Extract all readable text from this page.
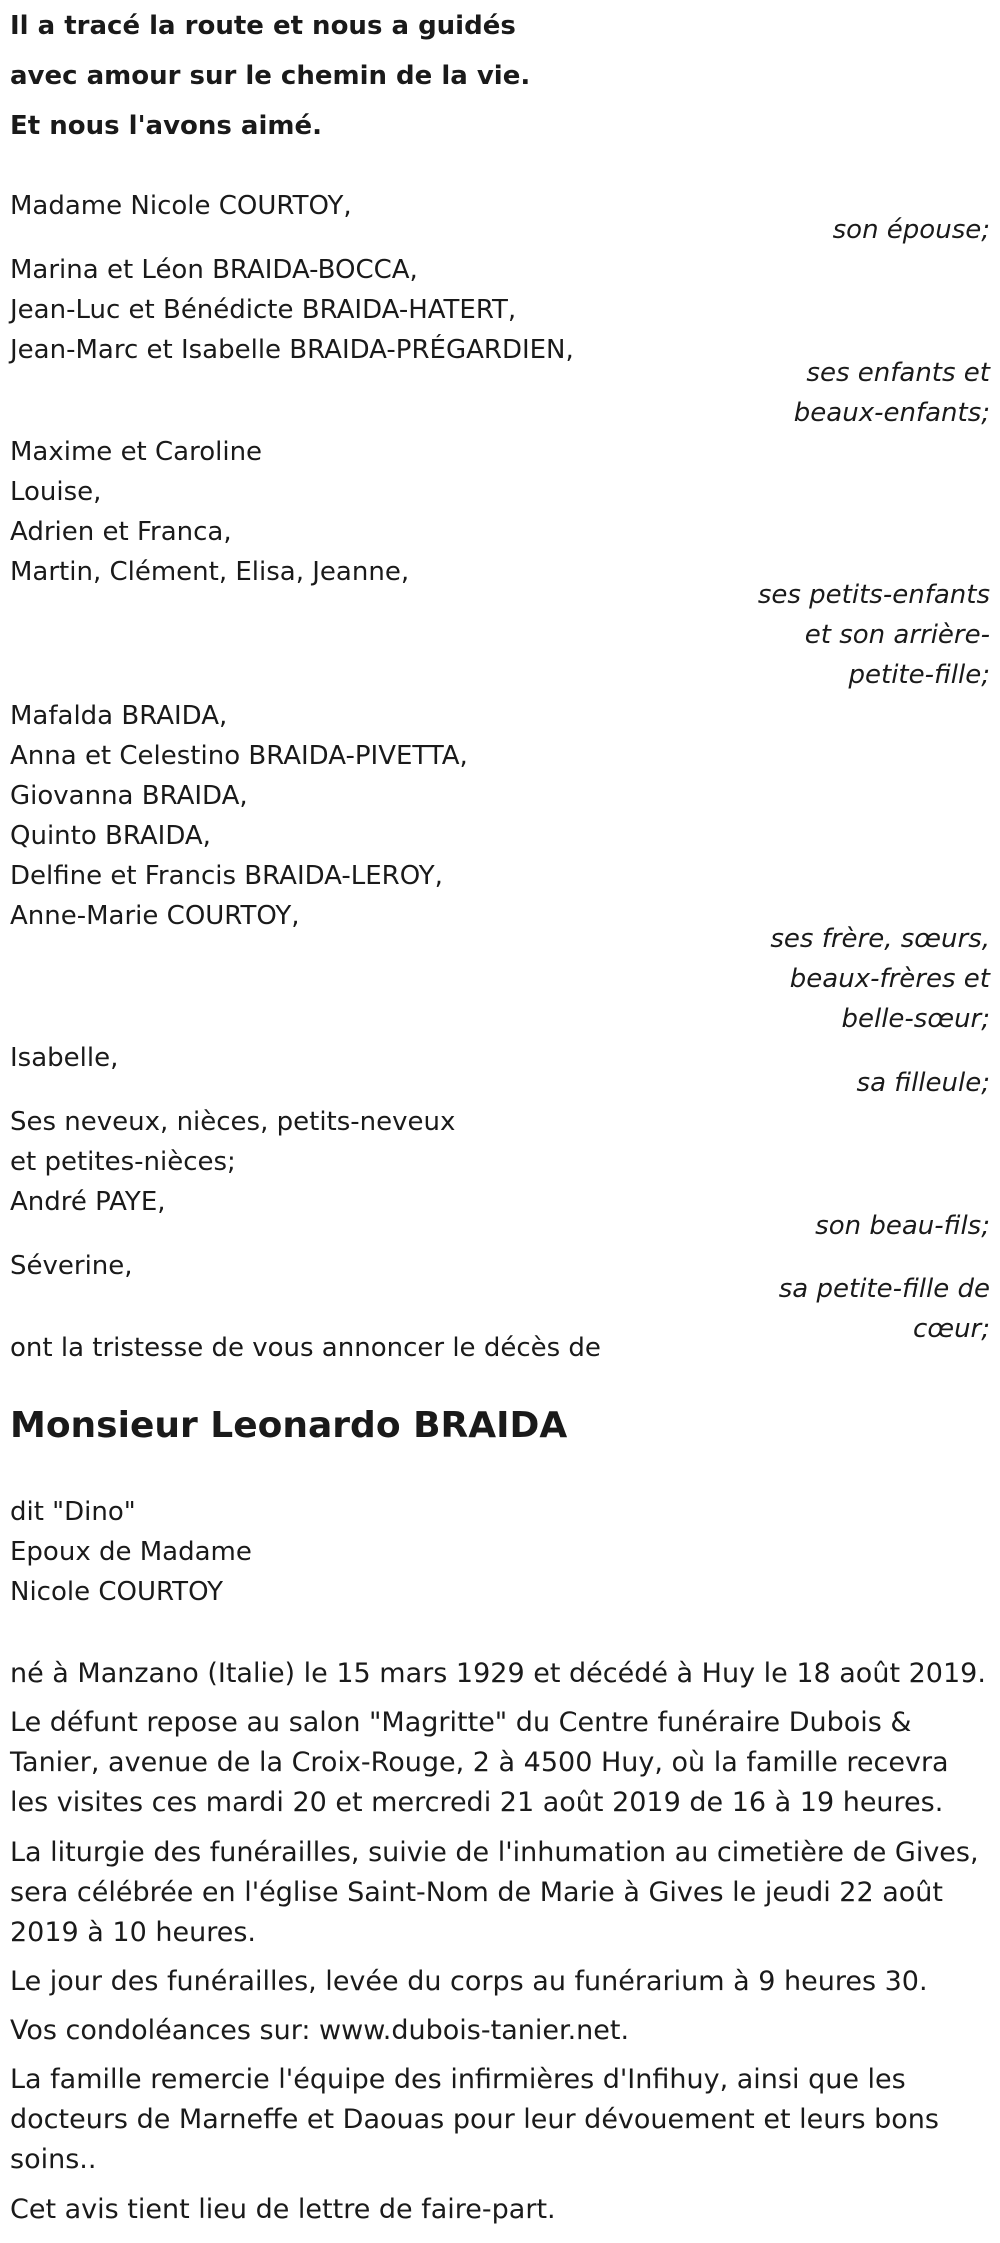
Il a tracé la route et nous a guidés

avec amour sur le chemin de la vie.

Et nous l'avons aimé.

Madame Nicole COURTOY,

son épouse;

Marina et Léon BRAIDA-BOCCA,

Jean-Luc et Bénédicte BRAIDA-HATERT,

Jean-Marc et Isabelle BRAIDA-PRÉGARDIEN,

ses enfants et

beaux-enfants;

Maxime et Caroline

Louise,

Adrien et Franca,

Martin, Clément, Elisa, Jeanne,

ses petits-enfants

et son arrière-

petite-fille;

Mafalda BRAIDA,

Anna et Celestino BRAIDA-PIVETTA,

Giovanna BRAIDA,

Quinto BRAIDA,

Delfine et Francis BRAIDA-LEROY,

Anne-Marie COURTOY,

ses frère, sœurs,

beaux-frères et

belle-sœur;

Isabelle,

sa filleule;

Ses neveux, nièces, petits-neveux

et petites-nièces;

André PAYE,

son beau-fils;

Séverine,

sa petite-fille de

cœur;

ont la tristesse de vous annoncer le décès de

Monsieur Leonardo BRAIDA

dit "Dino"

Epoux de Madame

Nicole COURTOY

né à Manzano (Italie) le 15 mars 1929 et décédé à Huy le 18 août 2019.

Le défunt repose au salon "Magritte" du Centre funéraire Dubois & Tanier, avenue de la Croix-Rouge, 2 à 4500 Huy, où la famille recevra les visites ces mardi 20 et mercredi 21 août 2019 de 16 à 19 heures.

La liturgie des funérailles, suivie de l'inhumation au cimetière de Gives, sera célébrée en l'église Saint-Nom de Marie à Gives le jeudi 22 août 2019 à 10 heures.

Le jour des funérailles, levée du corps au funérarium à 9 heures 30.

Vos condoléances sur: www.dubois-tanier.net.

La famille remercie l'équipe des infirmières d'Infihuy, ainsi que les docteurs de Marneffe et Daouas pour leur dévouement et leurs bons soins..

Cet avis tient lieu de lettre de faire-part.
